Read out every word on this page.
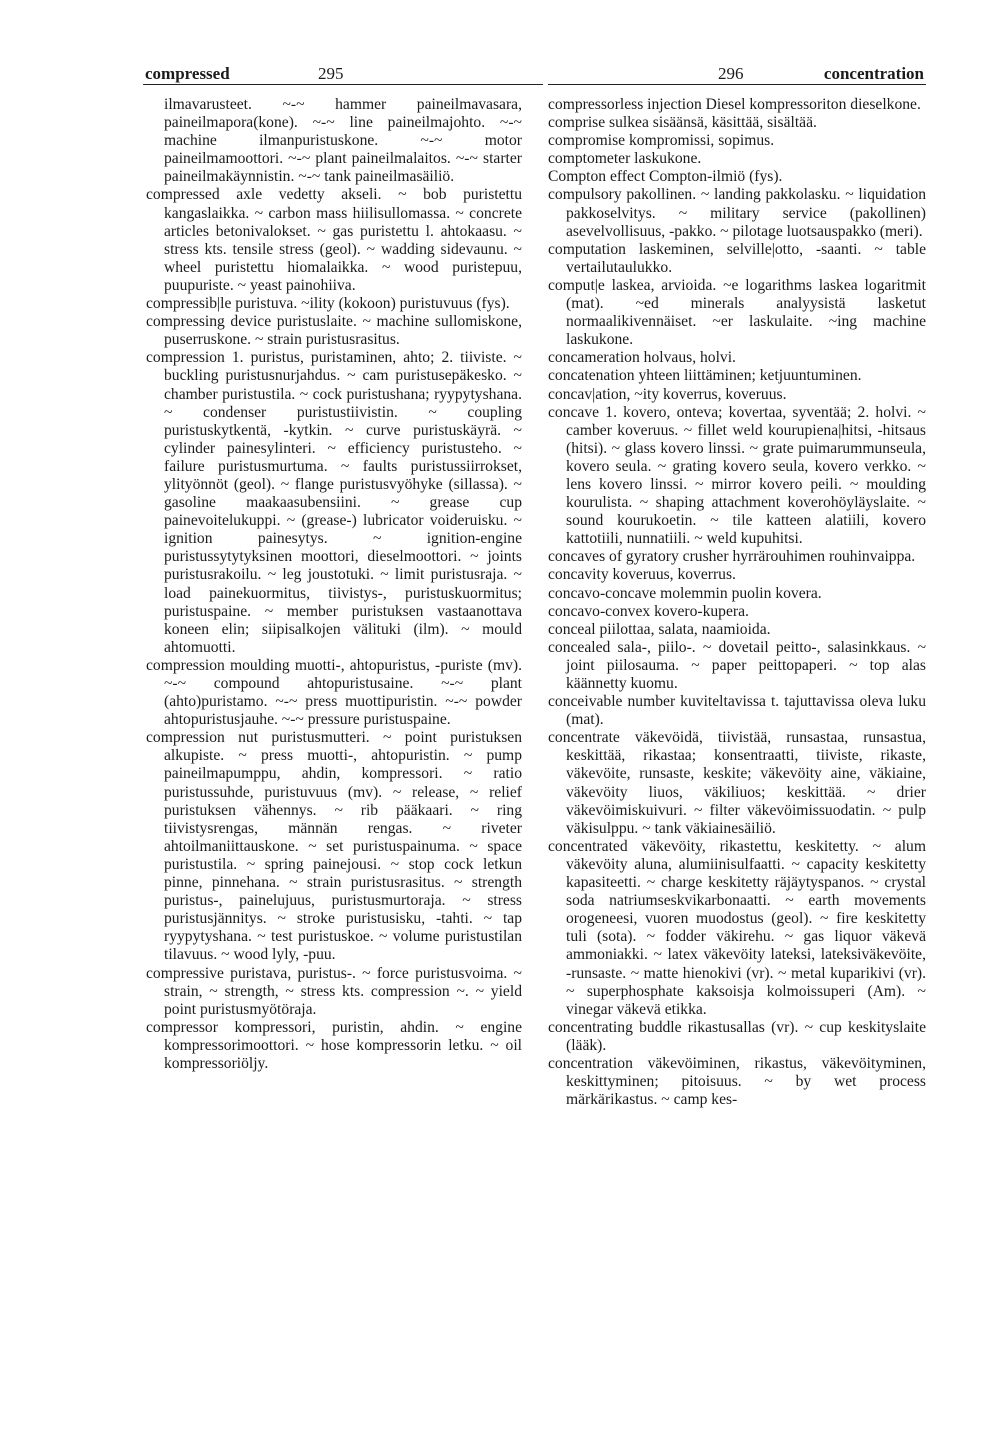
compressed	295	296	concentration

ilmavarusteet. ~-~ hammer paineilmavasara, paineilmapora(kone). ~-~ line paineilmajohto. ~-~ machine ilmanpuristuskone. ~-~ motor paineilmamoottori. ~-~ plant paineilmalaitos. ~-~ starter paineilmakäynnistin. ~-~ tank paineilmasäiliö.

compressed axle vedetty akseli. ~ bob puristettu kangaslaikka. ~ carbon mass hiilisullomassa. ~ concrete articles betonivalokset. ~ gas puristettu l. ahtokaasu. ~ stress kts. tensile stress (geol). ~ wadding sidevaunu. ~ wheel puristettu hiomalaikka. ~ wood puristepuu, puupuriste. ~ yeast painohiiva.

compressib|le puristuva. ~ility (kokoon) puristuvuus (fys).

compressing device puristuslaite. ~ machine sullomiskone, puserruskone. ~ strain puristusrasitus.

compression 1. puristus, puristaminen, ahto; 2. tiiviste. ~ buckling puristusnurjahdus. ~ cam puristusepäkesko. ~ chamber puristustila. ~ cock puristushana; ryypytyshana. ~ condenser puristustiivistin. ~ coupling puristuskytkentä, -kytkin. ~ curve puristuskäyrä. ~ cylinder painesylinteri. ~ efficiency puristusteho. ~ failure puristusmurtuma. ~ faults puristussiirrokset, ylityönnöt (geol). ~ flange puristusvyöhyke (sillassa). ~ gasoline maakaasubensiini. ~ grease cup painevoitelukuppi. ~ (grease-) lubricator voideruisku. ~ ignition painesytys. ~ ignition-engine puristussytytyksinen moottori, dieselmoottori. ~ joints puristusrakoilu. ~ leg joustotuki. ~ limit puristusraja. ~ load painekuormitus, tiivistys-, puristuskuormitus; puristuspaine. ~ member puristuksen vastaanottava koneen elin; siipisalkojen välituki (ilm). ~ mould ahtomuotti.

compression moulding muotti-, ahtopuristus, -puriste (mv). ~-~ compound ahtopuristusaine. ~-~ plant (ahto)puristamo. ~-~ press muottipuristin. ~-~ powder ahtopuristusjauhe. ~-~ pressure puristuspaine.

compression nut puristusmutteri. ~ point puristuksen alkupiste. ~ press muotti-, ahtopuristin. ~ pump paineilmapumppu, ahdin, kompressori. ~ ratio puristussuhde, puristuvuus (mv). ~ release, ~ relief puristuksen vähennys. ~ rib pääkaari. ~ ring tiivistysrengas, männän rengas. ~ riveter ahtoilmaniittauskone. ~ set puristuspainuma. ~ space puristustila. ~ spring painejousi. ~ stop cock letkun pinne, pinnehana. ~ strain puristusrasitus. ~ strength puristus-, painelujuus, puristusmurtoraja. ~ stress puristusjännitys. ~ stroke puristusisku, -tahti. ~ tap ryypytyshana. ~ test puristuskoe. ~ volume puristustilan tilavuus. ~ wood lyly, -puu.

compressive puristava, puristus-. ~ force puristusvoima. ~ strain, ~ strength, ~ stress kts. compression ~. ~ yield point puristusmyötöraja.

compressor kompressori, puristin, ahdin. ~ engine kompressorimoottori. ~ hose kompressorin letku. ~ oil kompressoriöljy.

compressorless injection Diesel kompressoriton dieselkone.

comprise sulkea sisäänsä, käsittää, sisältää.

compromise kompromissi, sopimus.

comptometer laskukone.

Compton effect Compton-ilmiö (fys).

compulsory pakollinen. ~ landing pakkolasku. ~ liquidation pakkoselvitys. ~ military service (pakollinen) asevelvollisuus, -pakko. ~ pilotage luotsauspakko (meri).

computation laskeminen, selville|otto, -saanti. ~ table vertailutaulukko.

comput|e laskea, arvioida. ~e logarithms laskea logaritmit (mat). ~ed minerals analyysistä lasketut normaalikivennäiset. ~er laskulaite. ~ing machine laskukone.

concameration holvaus, holvi.

concatenation yhteen liittäminen; ketjuuntuminen.

concav|ation, ~ity koverrus, koveruus.

concave 1. kovero, onteva; kovertaa, syventää; 2. holvi. ~ camber koveruus. ~ fillet weld kourupiena|hitsi, -hitsaus (hitsi). ~ glass kovero linssi. ~ grate puimarummunseula, kovero seula. ~ grating kovero seula, kovero verkko. ~ lens kovero linssi. ~ mirror kovero peili. ~ moulding kourulista. ~ shaping attachment koverohöyläyslaite. ~ sound kourukoetin. ~ tile katteen alatiili, kovero kattotiili, nunnatiili. ~ weld kupuhitsi.

concaves of gyratory crusher hyrrärouhimen rouhinvaippa.

concavity koveruus, koverrus.

concavo-concave molemmin puolin kovera.

concavo-convex kovero-kupera.

conceal piilottaa, salata, naamioida.

concealed sala-, piilo-. ~ dovetail peitto-, salasinkkaus. ~ joint piilosauma. ~ paper peittopaperi. ~ top alas käännetty kuomu.

conceivable number kuviteltavissa t. tajuttavissa oleva luku (mat).

concentrate väkevöidä, tiivistää, runsastaa, runsastua, keskittää, rikastaa; konsentraatti, tiiviste, rikaste, väkevöite, runsaste, keskite; väkevöity aine, väkiaine, väkevöity liuos, väkiliuos; keskittää. ~ drier väkevöimiskuivuri. ~ filter väkevöimissuodatin. ~ pulp väkisulppu. ~ tank väkiainesäiliö.

concentrated väkevöity, rikastettu, keskitetty. ~ alum väkevöity aluna, alumiinisulfaatti. ~ capacity keskitetty kapasiteetti. ~ charge keskitetty räjäytyspanos. ~ crystal soda natriumseskvikarbonaatti. ~ earth movements orogeneesi, vuoren muodostus (geol). ~ fire keskitetty tuli (sota). ~ fodder väkirehu. ~ gas liquor väkevä ammoniakki. ~ latex väkevöity lateksi, lateksiväkevöite, -runsaste. ~ matte hienokivi (vr). ~ metal kuparikivi (vr). ~ superphosphate kaksoisja kolmoissuperi (Am). ~ vinegar väkevä etikka.

concentrating buddle rikastusallas (vr). ~ cup keskityslaite (lääk).

concentration väkevöiminen, rikastus, väkevöityminen, keskittyminen; pitoisuus. ~ by wet process märkärikastus. ~ camp kes-
